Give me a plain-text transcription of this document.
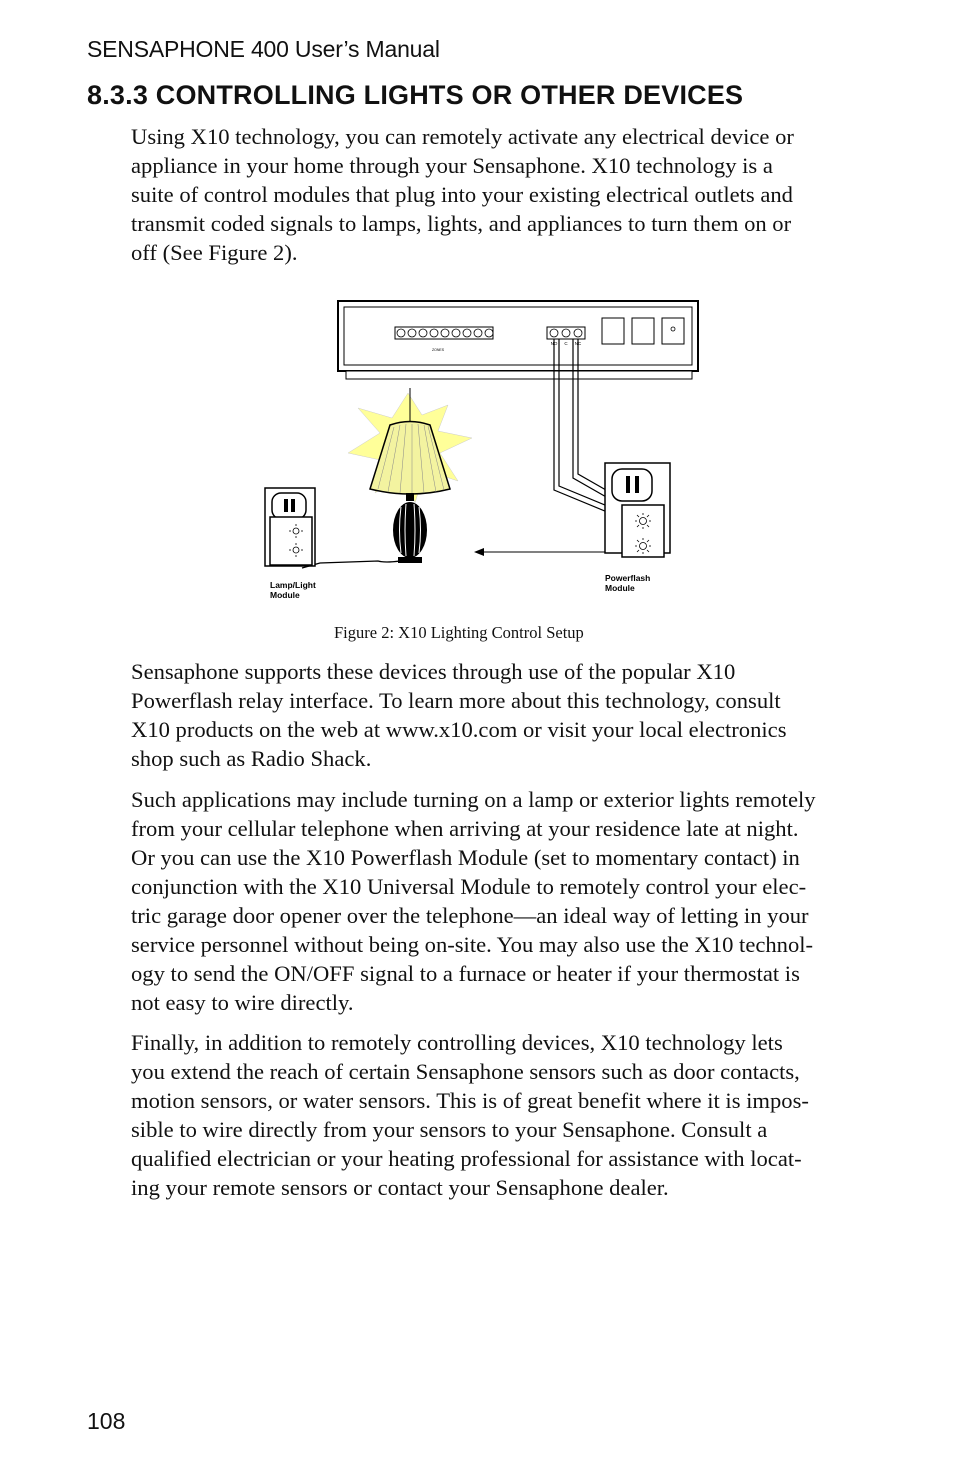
SENSAPHONE 400 User’s Manual
8.3.3 CONTROLLING LIGHTS OR OTHER DEVICES

Using X10 technology, you can remotely activate any electrical device or
appliance in your home through your Sensaphone. X10 technology is a
suite of control modules that plug into your existing electrical outlets and
transmit coded signals to lamps, lights, and appliances to turn them on or
off (See Figure 2).

ZONES
NO C NC
Powerflash
Module
Lamp/Light
Module
Figure 2: X10 Lighting Control Setup

Sensaphone supports these devices through use of the popular X10
Powerflash relay interface. To learn more about this technology, consult
X10 products on the web at www.x10.com or visit your local electronics
shop such as Radio Shack.

Such applications may include turning on a lamp or exterior lights remotely
from your cellular telephone when arriving at your residence late at night.
Or you can use the X10 Powerflash Module (set to momentary contact) in
conjunction with the X10 Universal Module to remotely control your elec-
tric garage door opener over the telephone—an ideal way of letting in your
service personnel without being on-site. You may also use the X10 technol-
ogy to send the ON/OFF signal to a furnace or heater if your thermostat is
not easy to wire directly.

Finally, in addition to remotely controlling devices, X10 technology lets
you extend the reach of certain Sensaphone sensors such as door contacts,
motion sensors, or water sensors. This is of great benefit where it is impos-
sible to wire directly from your sensors to your Sensaphone. Consult a
qualified electrician or your heating professional for assistance with locat-
ing your remote sensors or contact your Sensaphone dealer.

108
